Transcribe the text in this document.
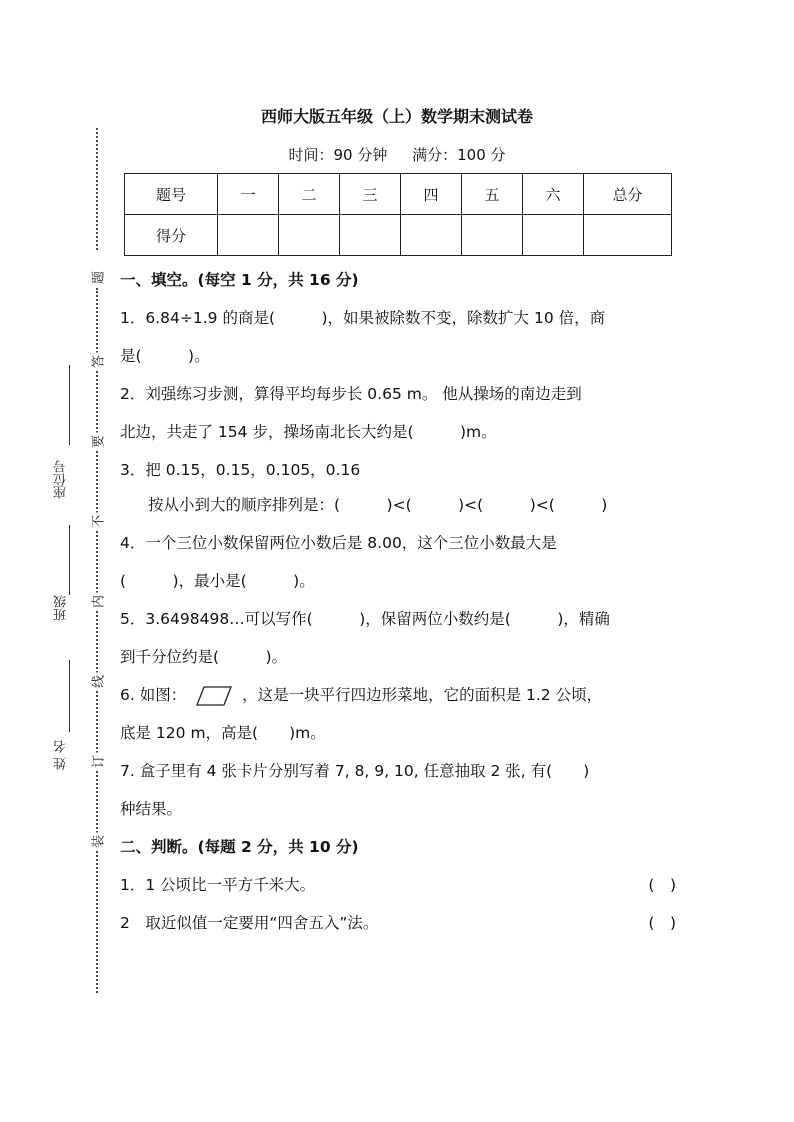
题
答
要
不
内
线
订
装
座位号
班级
姓 名
西师大版五年级（上）数学期末测试卷
时间：90 分钟 满分：100 分
题号	一	二	三	四	五	六	总分
得分							
一、填空。(每空 1 分，共 16 分)
1．6.84÷1.9 的商是(　　　)，如果被除数不变，除数扩大 10 倍，商
是(　　　)。
2．刘强练习步测，算得平均每步长 0.65 m。 他从操场的南边走到
北边，共走了 154 步，操场南北长大约是(　　　)m。
3．把 0.15，0.15，0.105，0.16
按从小到大的顺序排列是：(　　　)<(　　　)<(　　　)<(　　　)
4．一个三位小数保留两位小数后是 8.00，这个三位小数最大是
(　　　)，最小是(　　　)。
5．3.6498498…可以写作(　　　)，保留两位小数约是(　　　)，精确
到千分位约是(　　　)。
6. 如图：	，这是一块平行四边形菜地，它的面积是 1.2 公顷，
底是 120 m，高是(　　)m。
7. 盒子里有 4 张卡片分别写着 7, 8, 9, 10, 任意抽取 2 张, 有(　　)
种结果。
二、判断。(每题 2 分，共 10 分)
1．1 公顷比一平方千米大。	(　)
2　取近似值一定要用“四舍五入”法。	(　)
